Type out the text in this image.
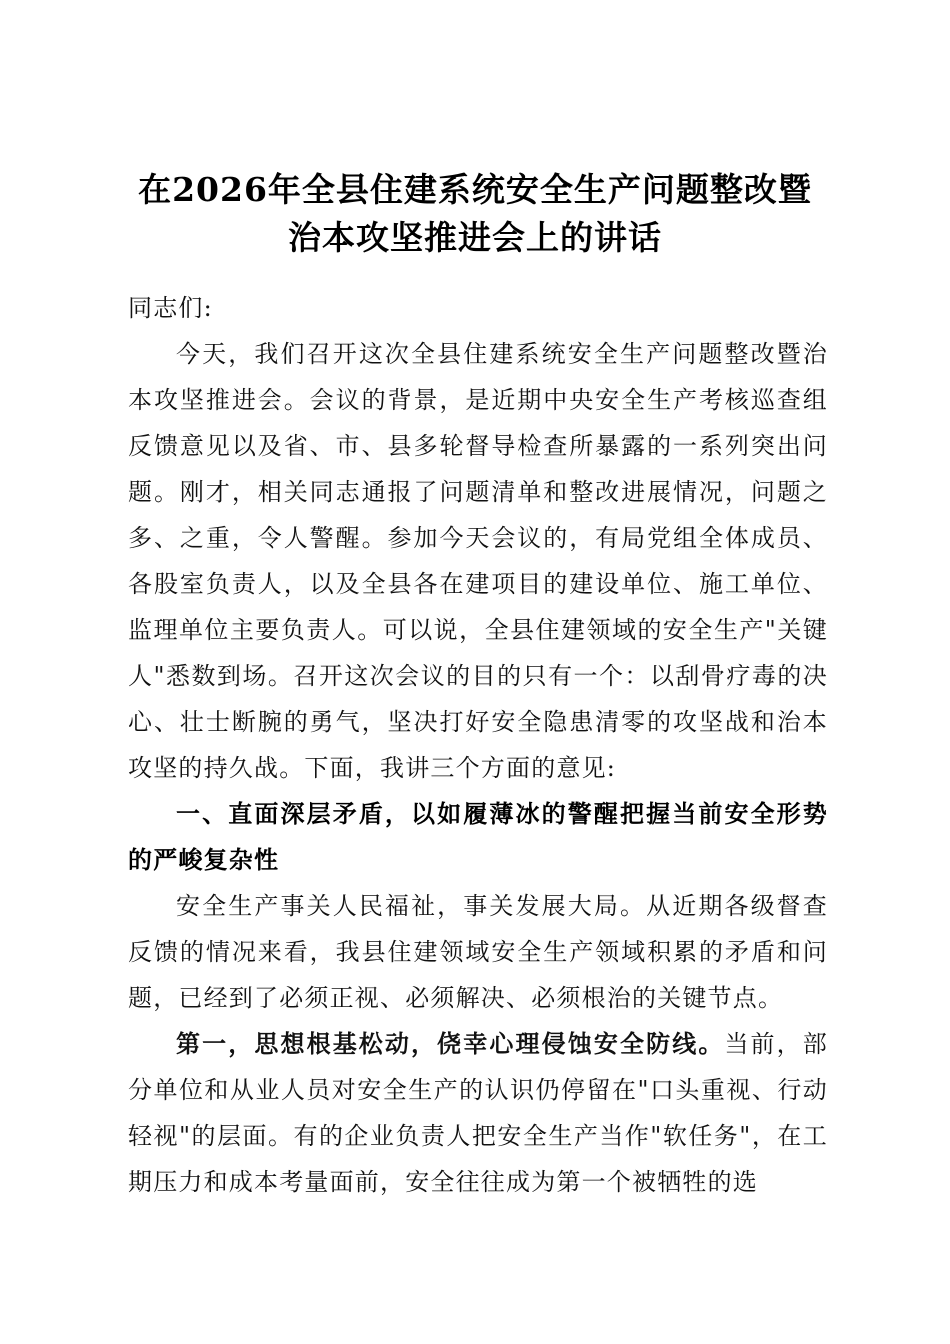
在2026年全县住建系统安全生产问题整改暨
治本攻坚推进会上的讲话

同志们:

今天，我们召开这次全县住建系统安全生产问题整改暨治本攻坚推进会。会议的背景，是近期中央安全生产考核巡查组反馈意见以及省、市、县多轮督导检查所暴露的一系列突出问题。刚才，相关同志通报了问题清单和整改进展情况，问题之多、之重，令人警醒。参加今天会议的，有局党组全体成员、各股室负责人，以及全县各在建项目的建设单位、施工单位、监理单位主要负责人。可以说，全县住建领域的安全生产"关键人"悉数到场。召开这次会议的目的只有一个：以刮骨疗毒的决心、壮士断腕的勇气，坚决打好安全隐患清零的攻坚战和治本攻坚的持久战。下面，我讲三个方面的意见:

一、直面深层矛盾，以如履薄冰的警醒把握当前安全形势的严峻复杂性

安全生产事关人民福祉，事关发展大局。从近期各级督查反馈的情况来看，我县住建领域安全生产领域积累的矛盾和问题，已经到了必须正视、必须解决、必须根治的关键节点。

第一，思想根基松动，侥幸心理侵蚀安全防线。当前，部分单位和从业人员对安全生产的认识仍停留在"口头重视、行动轻视"的层面。有的企业负责人把安全生产当作"软任务"，在工期压力和成本考量面前，安全往往成为第一个被牺牲的选
